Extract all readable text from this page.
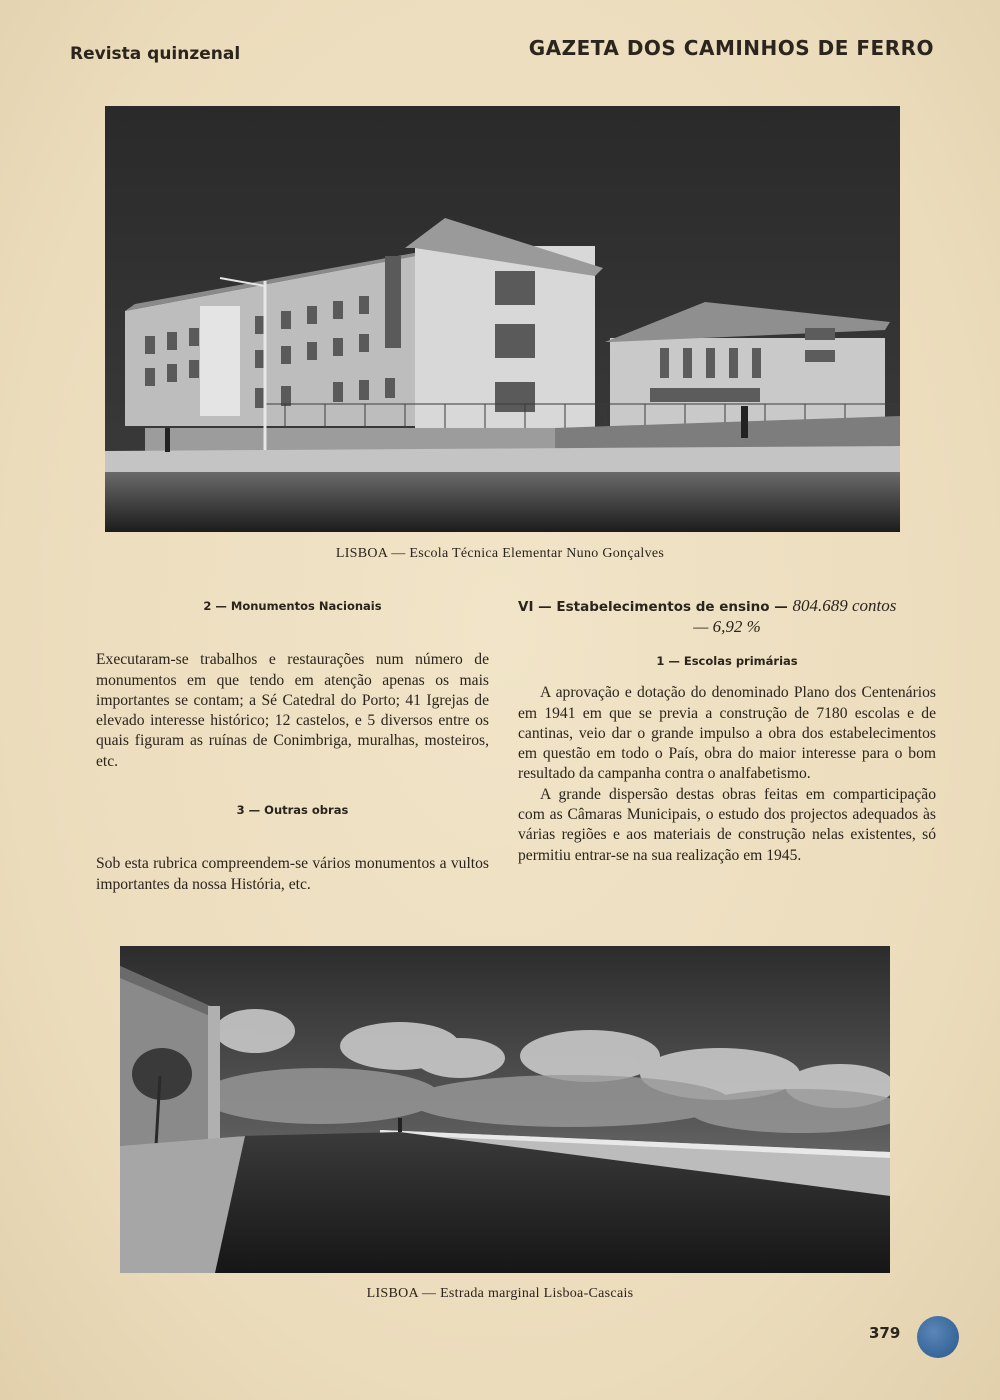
Revista quinzenal	GAZETA DOS CAMINHOS DE FERRO
LISBOA — Escola Técnica Elementar Nuno Gonçalves
2 — Monumentos Nacionais

Executaram-se trabalhos e restaurações num número de monumentos em que tendo em atenção apenas os mais importantes se contam; a Sé Catedral do Porto; 41 Igrejas de elevado interesse histórico; 12 castelos, e 5 diversos entre os quais figuram as ruínas de Conimbriga, muralhas, mosteiros, etc.

3 — Outras obras

Sob esta rubrica compreendem-se vários monumentos a vultos importantes da nossa História, etc.

VI — Estabelecimentos de ensino — 804.689 contos
— 6,92 %
1 — Escolas primárias

A aprovação e dotação do denominado Plano dos Centenários em 1941 em que se previa a construção de 7180 escolas e de cantinas, veio dar o grande impulso a obra dos estabelecimentos em questão em todo o País, obra do maior interesse para o bom resultado da campanha contra o analfabetismo.

A grande dispersão destas obras feitas em comparticipação com as Câmaras Municipais, o estudo dos projectos adequados às várias regiões e aos materiais de construção nelas existentes, só permitiu entrar-se na sua realização em 1945.

LISBOA — Estrada marginal Lisboa-Cascais
379
